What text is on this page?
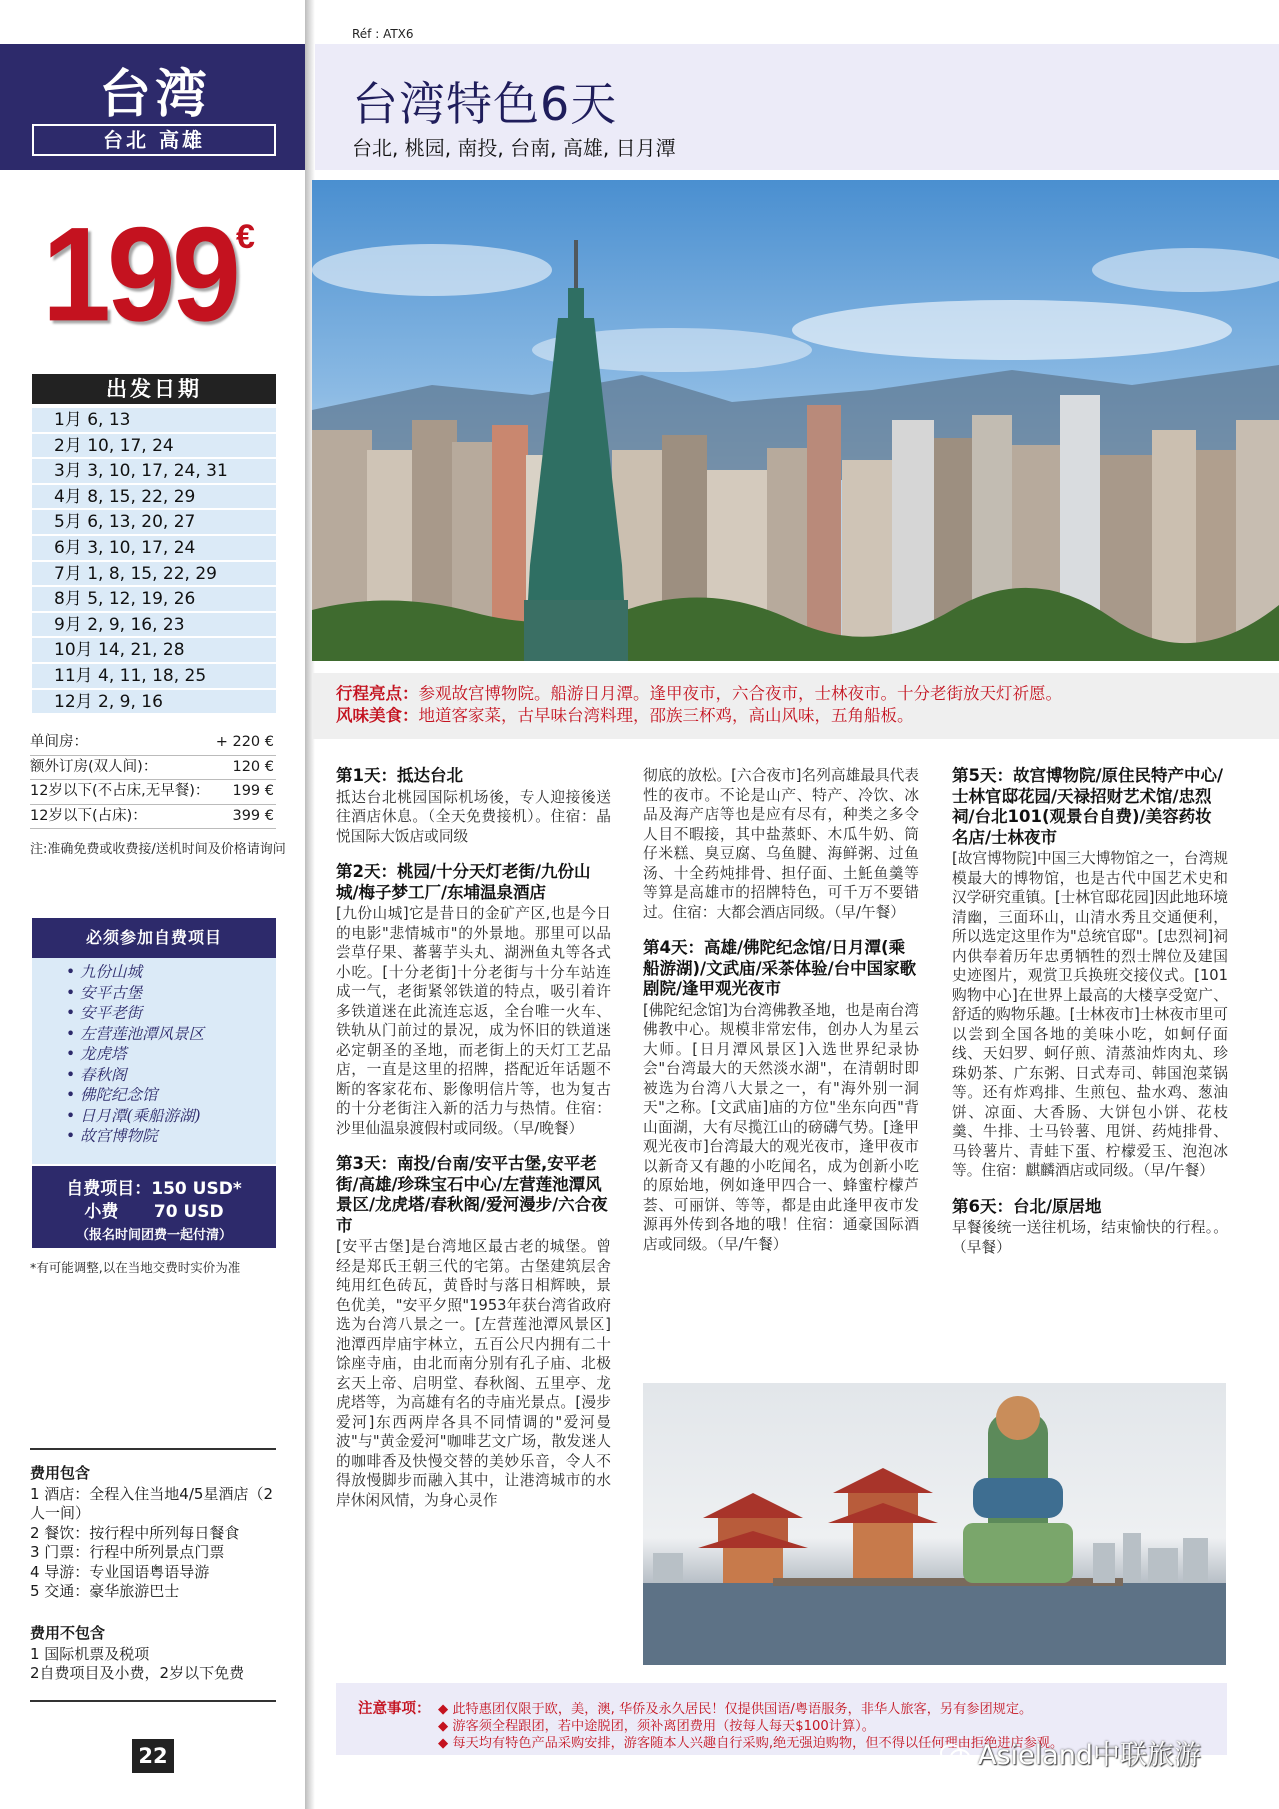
台湾
台北 高雄
199 €
出发日期
1月 6, 13
2月 10, 17, 24
3月 3, 10, 17, 24, 31
4月 8, 15, 22, 29
5月 6, 13, 20, 27
6月 3, 10, 17, 24
7月 1, 8, 15, 22, 29
8月 5, 12, 19, 26
9月 2, 9, 16, 23
10月 14, 21, 28
11月 4, 11, 18, 25
12月 2, 9, 16
单间房：	+ 220 €
额外订房(双人间)：	120 €
12岁以下(不占床,无早餐)： 199 €
12岁以下(占床)：	399 €
注:准确免费或收费接/送机时间及价格请询问
必须参加自费项目
• 九份山城
• 安平古堡
• 安平老街
• 左营莲池潭风景区
• 龙虎塔
• 春秋阁
• 佛陀纪念馆
• 日月潭(乘船游湖)
• 故宫博物院
自费项目：150 USD*
小费      70 USD
（报名时间团费一起付清）
*有可能调整,以在当地交费时实价为准
费用包含
1 酒店：全程入住当地4/5星酒店（2人一间）
2 餐饮：按行程中所列每日餐食
3 门票：行程中所列景点门票
4 导游：专业国语粤语导游
5 交通：豪华旅游巴士
费用不包含
1 国际机票及税项
2自费项目及小费，2岁以下免费
22
Réf : ATX6
台湾特色6天
台北, 桃园, 南投, 台南, 高雄, 日月潭
行程亮点：参观故宫博物院。船游日月潭。逢甲夜市，六合夜市，士林夜市。十分老街放天灯祈愿。
风味美食：地道客家菜，古早味台湾料理，邵族三杯鸡，高山风味，五角船板。
第1天：抵达台北
抵达台北桃园国际机场後，专人迎接後送往酒店休息。（全天免费接机）。住宿：晶悦国际大饭店或同级
第2天：桃园/十分天灯老街/九份山城/梅子梦工厂/东埔温泉酒店
[九份山城]它是昔日的金矿产区,也是今日的电影"悲情城市"的外景地。那里可以品尝草仔果、蕃薯芋头丸、湖洲鱼丸等各式小吃。[十分老街]十分老街与十分车站连成一气，老街紧邻铁道的特点，吸引着许多铁道迷在此流连忘返，全台唯一火车、铁轨从门前过的景况，成为怀旧的铁道迷必定朝圣的圣地，而老街上的天灯工艺品店，一直是这里的招牌，搭配近年话题不断的客家花布、影像明信片等，也为复古的十分老街注入新的活力与热情。住宿：沙里仙温泉渡假村或同级。（早/晚餐）
第3天：南投/台南/安平古堡,安平老街/高雄/珍珠宝石中心/左营莲池潭风景区/龙虎塔/春秋阁/爱河漫步/六合夜市
[安平古堡]是台湾地区最古老的城堡。曾经是郑氏王朝三代的宅第。古堡建筑层舍纯用红色砖瓦，黄昏时与落日相辉映，景色优美，"安平夕照"1953年获台湾省政府选为台湾八景之一。[左营莲池潭风景区]池潭西岸庙宇林立，五百公尺内拥有二十馀座寺庙，由北而南分别有孔子庙、北极玄天上帝、启明堂、春秋阁、五里亭、龙虎塔等，为高雄有名的寺庙光景点。[漫步爱河]东西两岸各具不同情调的"爱河曼波"与"黄金爱河"咖啡艺文广场，散发迷人的咖啡香及快慢交替的美妙乐音，令人不得放慢脚步而融入其中，让港湾城市的水岸休闲风情，为身心灵作
彻底的放松。[六合夜市]名列高雄最具代表性的夜市。不论是山产、特产、冷饮、冰品及海产店等也是应有尽有，种类之多令人目不暇接，其中盐蒸虾、木瓜牛奶、筒仔米糕、臭豆腐、乌鱼腱、海鲜粥、过鱼汤、十全药炖排骨、担仔面、土魠鱼羹等等算是高雄市的招牌特色，可千万不要错过。住宿：大都会酒店同级。（早/午餐）
第4天：高雄/佛陀纪念馆/日月潭(乘船游湖)/文武庙/采茶体验/台中国家歌剧院/逢甲观光夜市
[佛陀纪念馆]为台湾佛教圣地，也是南台湾佛教中心。规模非常宏伟，创办人为星云大师。[日月潭风景区]入选世界纪录协会"台湾最大的天然淡水湖"，在清朝时即被选为台湾八大景之一，有"海外别一洞天"之称。[文武庙]庙的方位"坐东向西"背山面湖，大有尽揽江山的磅礴气势。[逢甲观光夜市]台湾最大的观光夜市，逢甲夜市以新奇又有趣的小吃闻名，成为创新小吃的原始地，例如逢甲四合一、蜂蜜柠檬芦荟、可丽饼、等等，都是由此逢甲夜市发源再外传到各地的哦！住宿：通豪国际酒店或同级。（早/午餐）
第5天：故宫博物院/原住民特产中心/士林官邸花园/天禄招财艺术馆/忠烈祠/台北101(观景台自费)/美容药妆名店/士林夜市
[故宫博物院]中国三大博物馆之一，台湾规模最大的博物馆，也是古代中国艺术史和汉学研究重镇。[士林官邸花园]因此地环境清幽，三面环山，山清水秀且交通便利，所以选定这里作为"总统官邸"。[忠烈祠]祠内供奉着历年忠勇牺牲的烈士牌位及建国史迹图片，观赏卫兵换班交接仪式。[101购物中心]在世界上最高的大楼享受宽广、舒适的购物乐趣。[士林夜市]士林夜市里可以尝到全国各地的美味小吃，如蚵仔面线、天妇罗、蚵仔煎、清蒸油炸肉丸、珍珠奶茶、广东粥、日式寿司、韩国泡菜锅等。还有炸鸡排、生煎包、盐水鸡、葱油饼、凉面、大香肠、大饼包小饼、花枝羹、牛排、士马铃薯、甩饼、药炖排骨、马铃薯片、青蛙下蛋、柠檬爱玉、泡泡冰等。住宿：麒麟酒店或同级。（早/午餐）
第6天：台北/原居地
早餐後统一送往机场，结束愉快的行程。。（早餐）
注意事项：
◆	此特惠团仅限于欧，美，澳, 华侨及永久居民！仅提供国语/粤语服务，非华人旅客，另有参团规定。
◆ 游客须全程跟团，若中途脱团，须补离团费用（按每人每天$100计算）。
◆ 每天均有特色产品采购安排，游客随本人兴趣自行采购,绝无强迫购物，但不得以任何理由拒绝进店参观。
Asieland中联旅游
